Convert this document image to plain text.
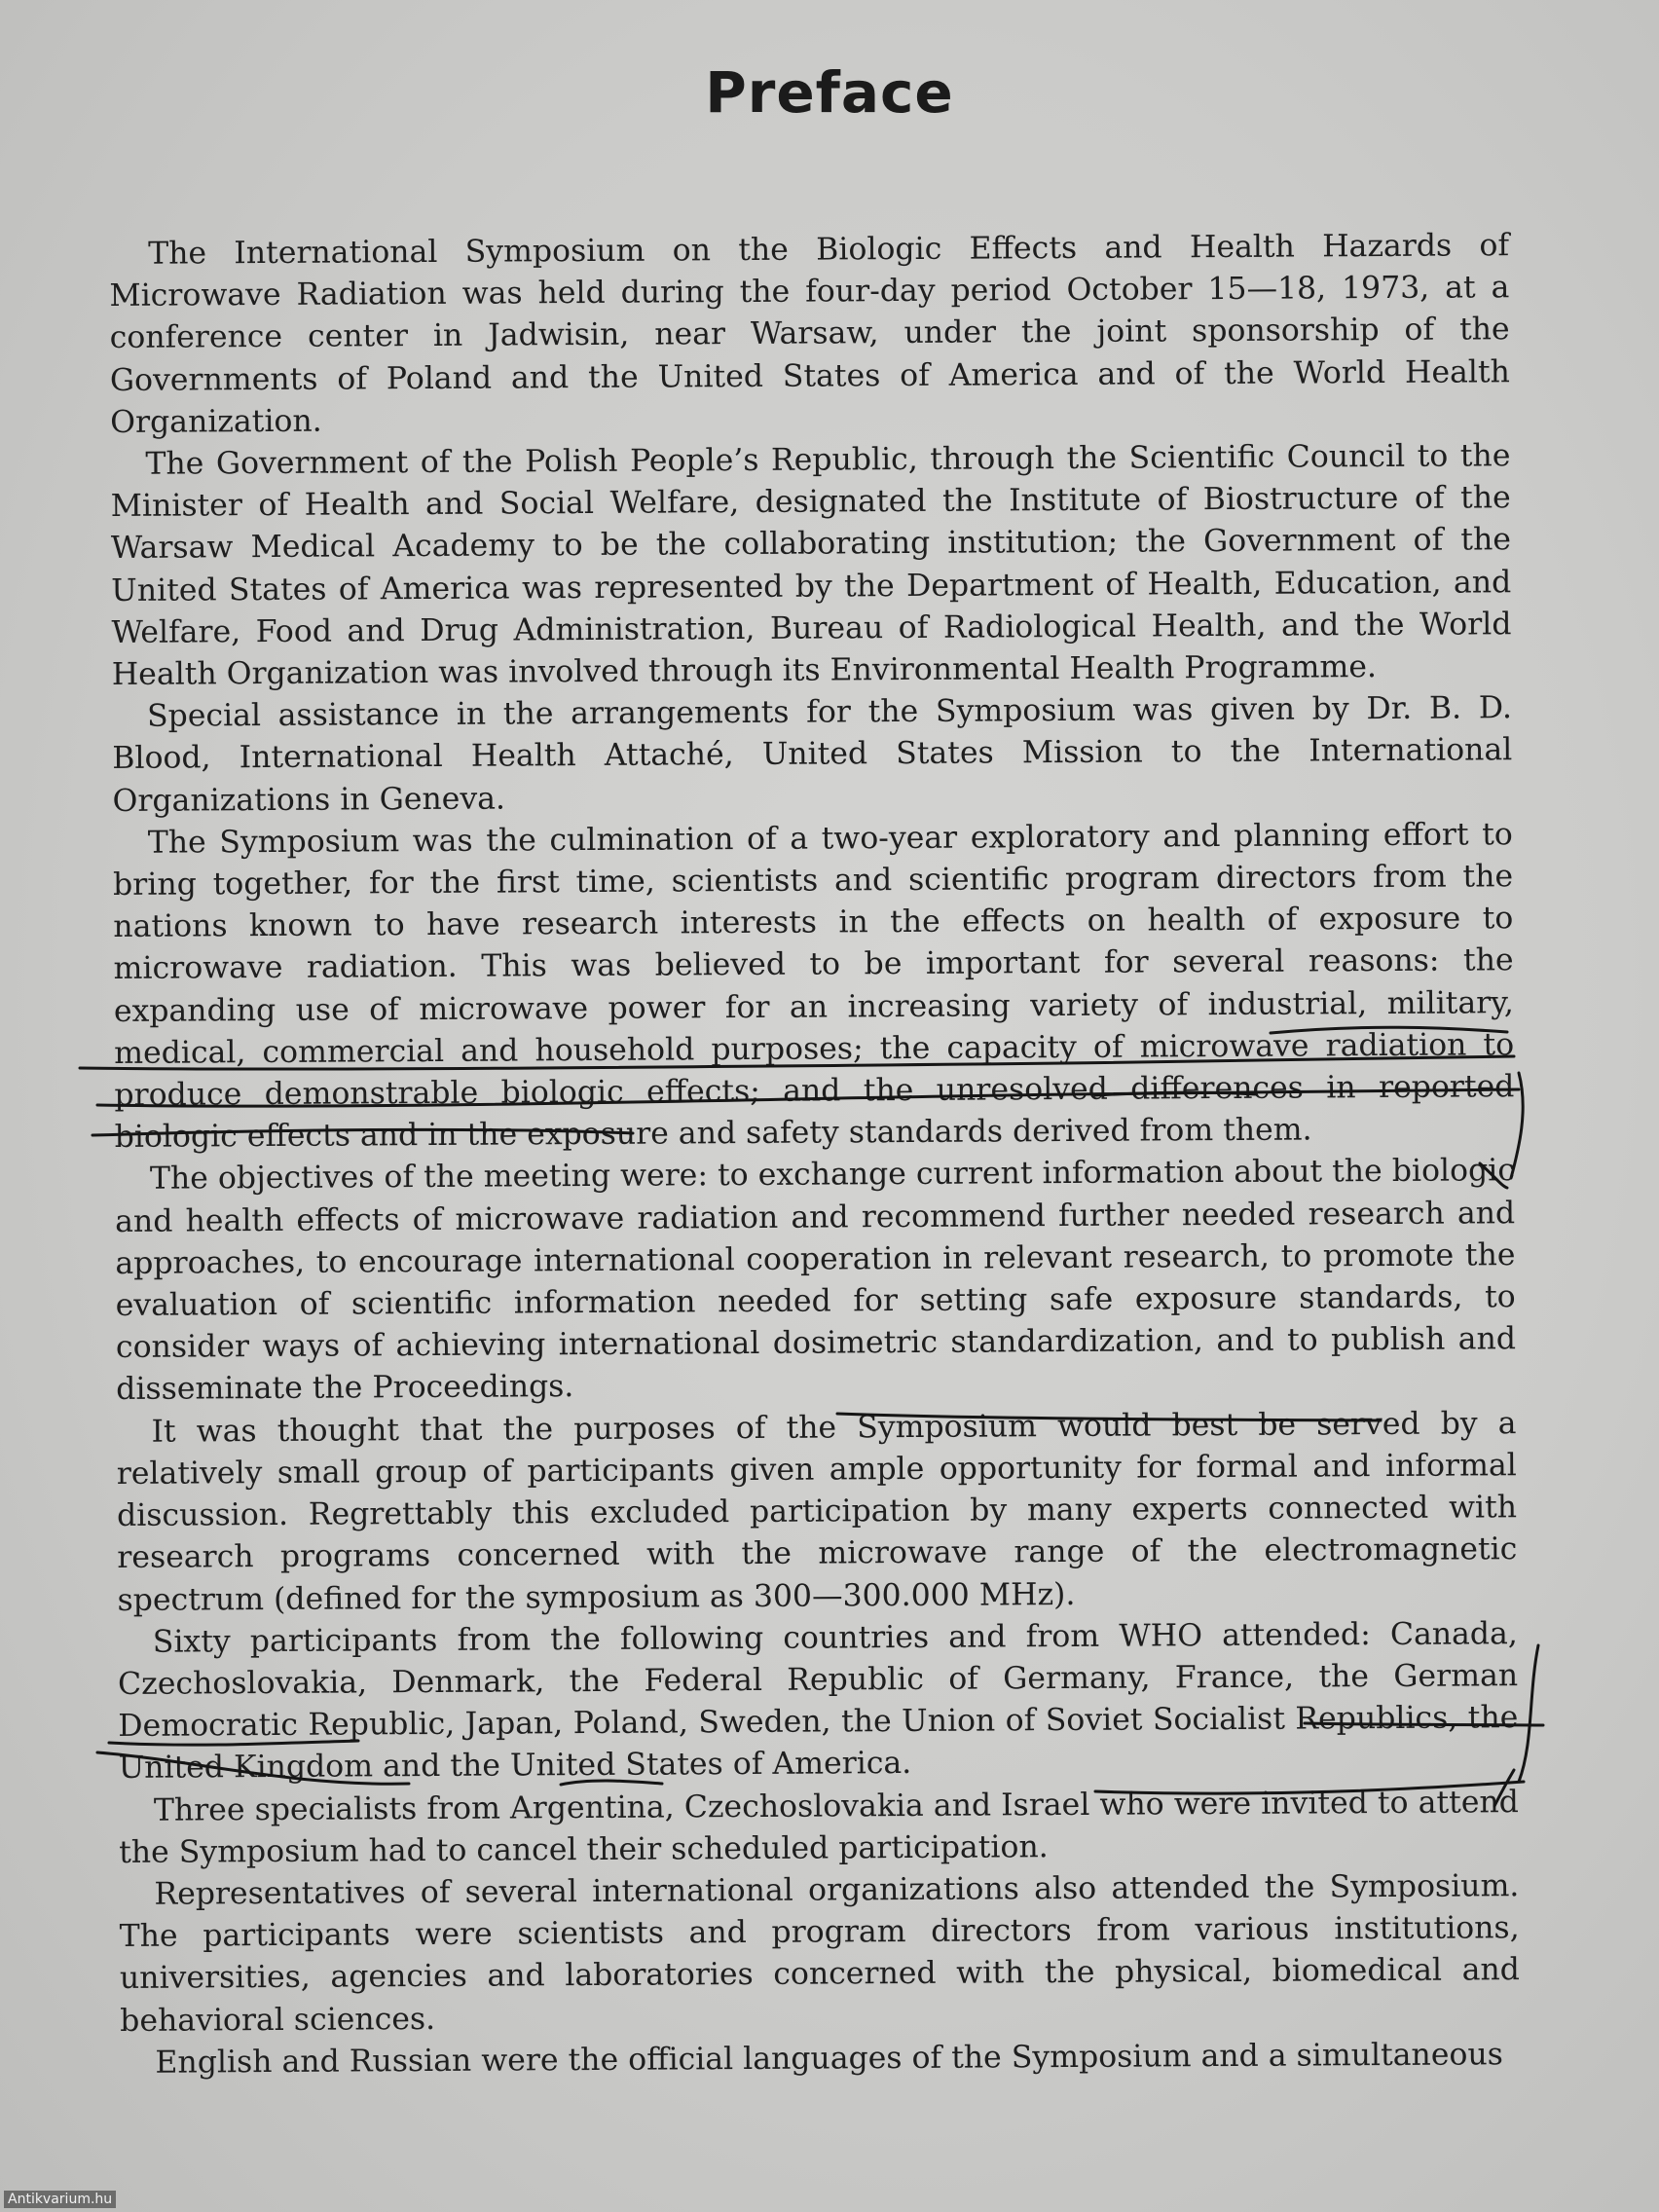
Preface

The International Symposium on the Biologic Effects and Health Hazards of Microwave Radiation was held during the four-day period October 15—18, 1973, at a conference center in Jadwisin, near Warsaw, under the joint sponsorship of the Governments of Poland and the United States of America and of the World Health Organization.

The Government of the Polish People’s Republic, through the Scientific Council to the Minister of Health and Social Welfare, designated the Institute of Biostructure of the Warsaw Medical Academy to be the collaborating institution; the Government of the United States of America was represented by the Department of Health, Education, and Welfare, Food and Drug Administration, Bureau of Radiological Health, and the World Health Organization was involved through its Environmental Health Programme.

Special assistance in the arrangements for the Symposium was given by Dr. B. D. Blood, International Health Attaché, United States Mission to the International Organizations in Geneva.

The Symposium was the culmination of a two-year exploratory and planning effort to bring together, for the first time, scientists and scientific program directors from the nations known to have research interests in the effects on health of exposure to microwave radiation. This was believed to be important for several reasons: the expanding use of microwave power for an increasing variety of industrial, military, medical, commercial and household purposes; the capacity of microwave radiation to produce demonstrable biologic effects; and the unresolved differences in reported biologic effects and in the exposure and safety standards derived from them.

The objectives of the meeting were: to exchange current information about the biologic and health effects of microwave radiation and recommend further needed research and approaches, to encourage international cooperation in relevant research, to promote the evaluation of scientific information needed for setting safe exposure standards, to consider ways of achieving international dosimetric standardization, and to publish and disseminate the Proceedings.

It was thought that the purposes of the Symposium would best be served by a relatively small group of participants given ample opportunity for formal and informal discussion. Regrettably this excluded participation by many experts connected with research programs concerned with the microwave range of the electromagnetic spectrum (defined for the symposium as 300—300.000 MHz).

Sixty participants from the following countries and from WHO attended: Canada, Czechoslovakia, Denmark, the Federal Republic of Germany, France, the German Democratic Republic, Japan, Poland, Sweden, the Union of Soviet Socialist Republics, the United Kingdom and the United States of America.

Three specialists from Argentina, Czechoslovakia and Israel who were invited to attend the Symposium had to cancel their scheduled participation.

Representatives of several international organizations also attended the Symposium. The participants were scientists and program directors from various institutions, universities, agencies and laboratories concerned with the physical, biomedical and behavioral sciences.

English and Russian were the official languages of the Symposium and a simultaneous

Antikvarium.hu
